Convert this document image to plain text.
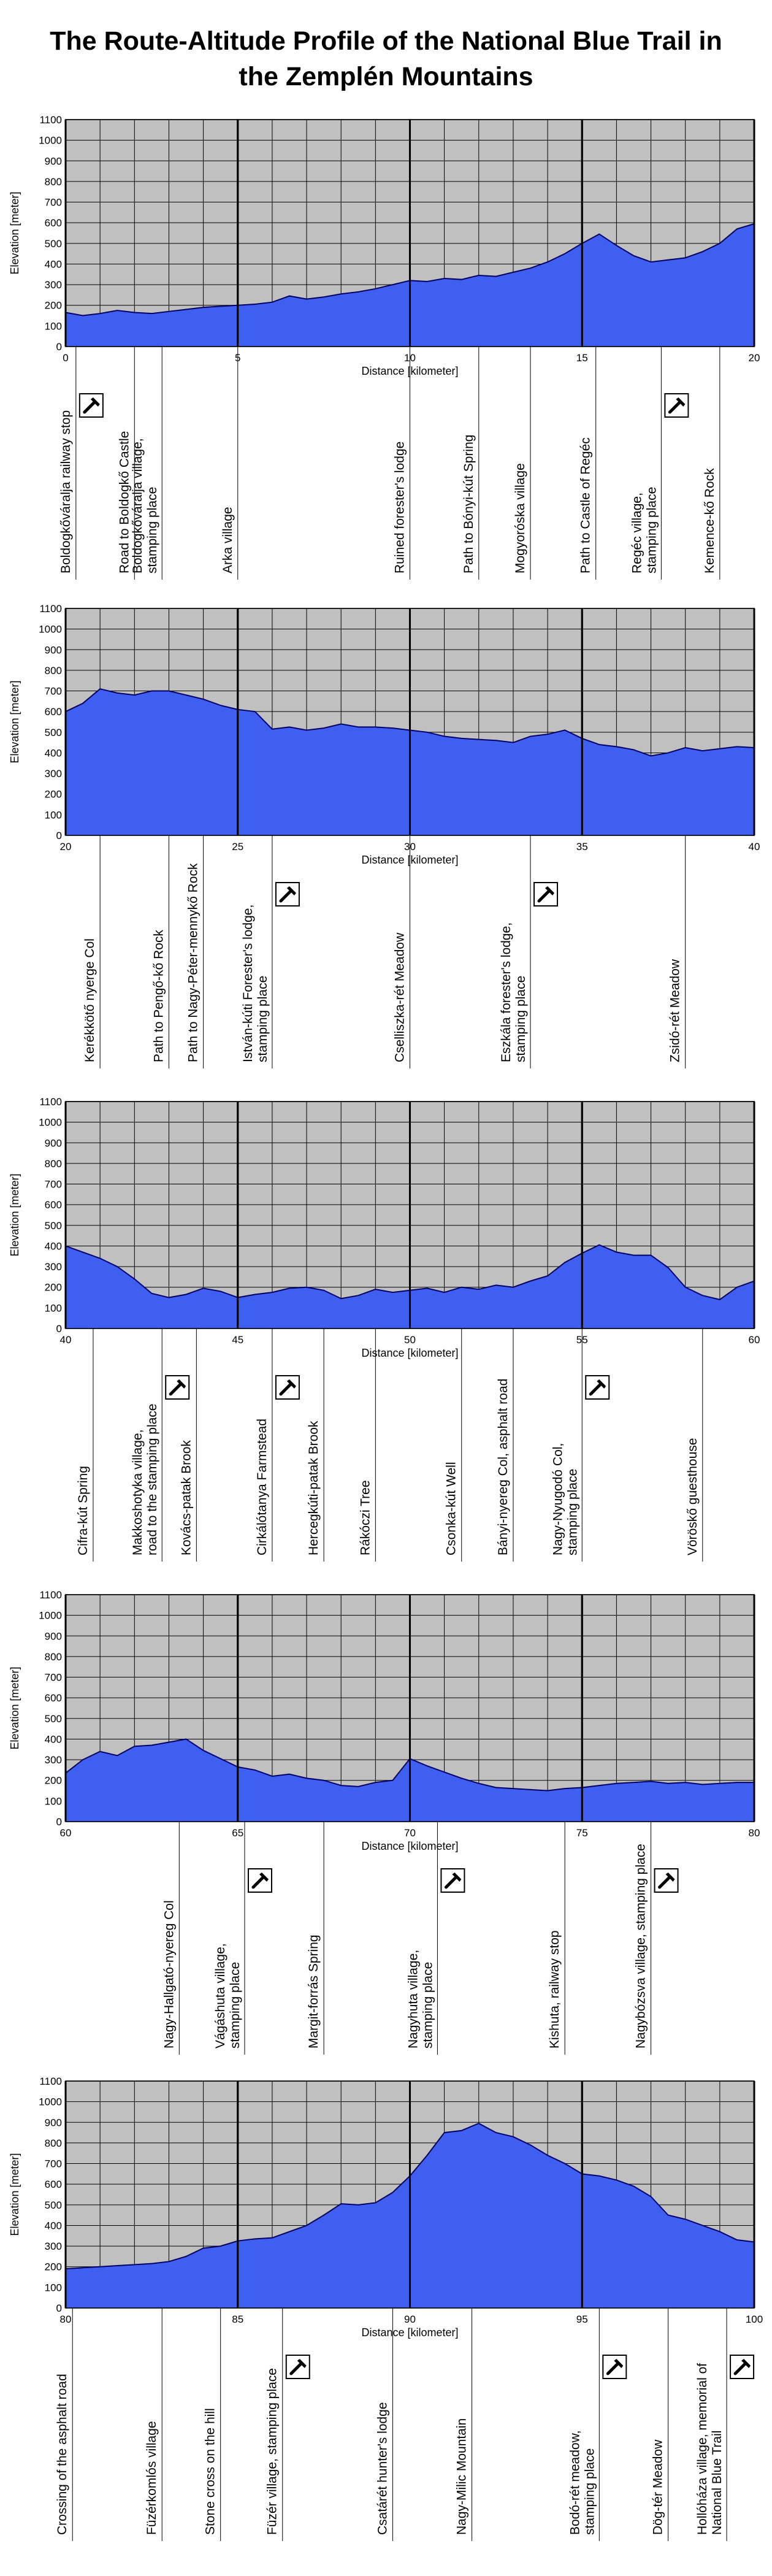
The Route-Altitude Profile of the National Blue Trail in
the Zemplén Mountains
0
100
200
300
400
500
600
700
800
900
1000
1100
0	5	10	15	20
Distance [kilometer]
Elevation [meter]
Boldogkőváralja railway stop	Road to Boldogkő Castle
Boldogkőváralja village,stamping place	Arka village	Ruined forester's lodge	Path to Bónyi-kút Spring	Mogyoróska village	Path to Castle of Regéc	Regéc village,stamping place	Kemence-kő Rock
0
100
200
300
400
500
600
700
800
900
1000
1100
20	25	30	35	40
Distance [kilometer]
Elevation [meter]
Kerékkötő nyerge Col	Path to Pengő-kő Rock Path to Nagy-Péter-mennykő Rock	István-kúti Forester's lodge,stamping place	Cselliszka-rét Meadow	Eszkála forester's lodge,stamping place	Zsidó-rét Meadow
0
100
200
300
400
500
600
700
800
900
1000
1100
40	45	50	55	60
Distance [kilometer]
Elevation [meter]
Cifra-kút Spring	Makkoshotyka village,road to the stamping place Kovács-patak Brook	Cirkálótanya Farmstead	Hercegkúti-patak Brook	Rákóczi Tree	Csonka-kút Well	Bányi-nyereg Col, asphalt road	Nagy-Nyugodó Col,stamping place	Vöröskő guesthouse
0
100
200
300
400
500
600
700
800
900
1000
1100
60	65	70	75	80
Distance [kilometer]
Elevation [meter]
Nagy-Hallgató-nyereg Col	Vágáshuta village,stamping place	Margit-forrás Spring	Nagyhuta village,stamping place	Kishuta, railway stop	Nagybózsva village, stamping place
0
100
200
300
400
500
600
700
800
900
1000
1100
80	85	90	95	100
Distance [kilometer]
Elevation [meter]
Crossing of the asphalt road	Füzérkomlós village	Stone cross on the hill	Füzér village, stamping place	Csatárét hunter's lodge	Nagy-Milic Mountain	Bodó-rét meadow,stamping place	Dög-tér Meadow Hollóháza village, memorial ofNational Blue Trail
